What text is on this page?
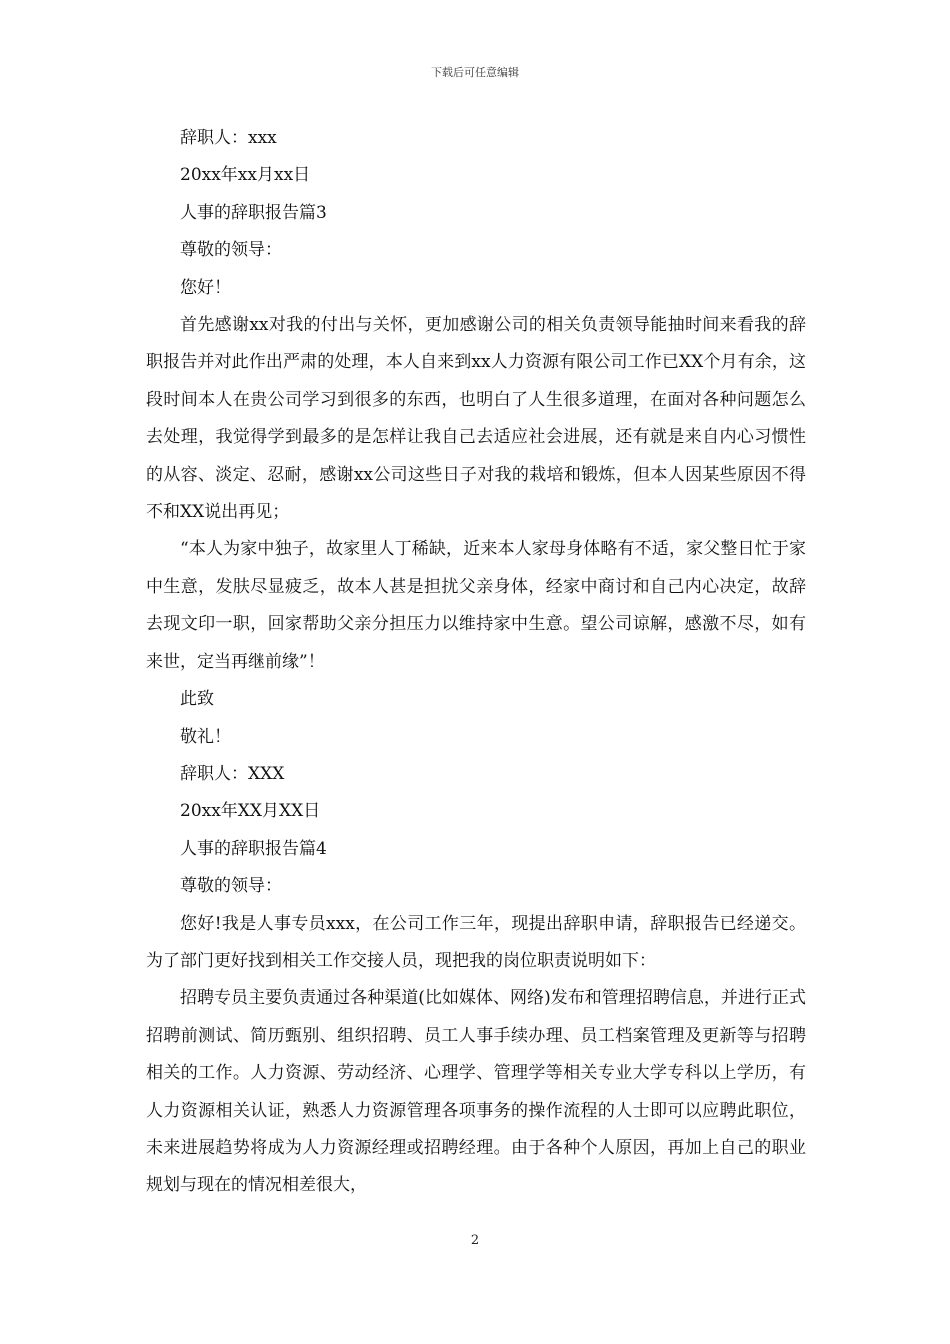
下载后可任意编辑
辞职人：xxx
20xx年xx月xx日
人事的辞职报告篇3
尊敬的领导：
您好！

首先感谢xx对我的付出与关怀，更加感谢公司的相关负责领导能抽时间来看我的辞职报告并对此作出严肃的处理，本人自来到xx人力资源有限公司工作已XX个月有余，这段时间本人在贵公司学习到很多的东西，也明白了人生很多道理，在面对各种问题怎么去处理，我觉得学到最多的是怎样让我自己去适应社会进展，还有就是来自内心习惯性的从容、淡定、忍耐，感谢xx公司这些日子对我的栽培和锻炼，但本人因某些原因不得不和XX说出再见；

“本人为家中独子，故家里人丁稀缺，近来本人家母身体略有不适，家父整日忙于家中生意，发肤尽显疲乏，故本人甚是担扰父亲身体，经家中商讨和自己内心决定，故辞去现文印一职，回家帮助父亲分担压力以维持家中生意。望公司谅解，感激不尽，如有来世，定当再继前缘”！

此致
敬礼！
辞职人：XXX
20xx年XX月XX日
人事的辞职报告篇4
尊敬的领导：

您好!我是人事专员xxx，在公司工作三年，现提出辞职申请，辞职报告已经递交。为了部门更好找到相关工作交接人员，现把我的岗位职责说明如下：

招聘专员主要负责通过各种渠道(比如媒体、网络)发布和管理招聘信息，并进行正式招聘前测试、简历甄别、组织招聘、员工人事手续办理、员工档案管理及更新等与招聘相关的工作。人力资源、劳动经济、心理学、管理学等相关专业大学专科以上学历，有人力资源相关认证，熟悉人力资源管理各项事务的操作流程的人士即可以应聘此职位，未来进展趋势将成为人力资源经理或招聘经理。由于各种个人原因，再加上自己的职业规划与现在的情况相差很大，

2
